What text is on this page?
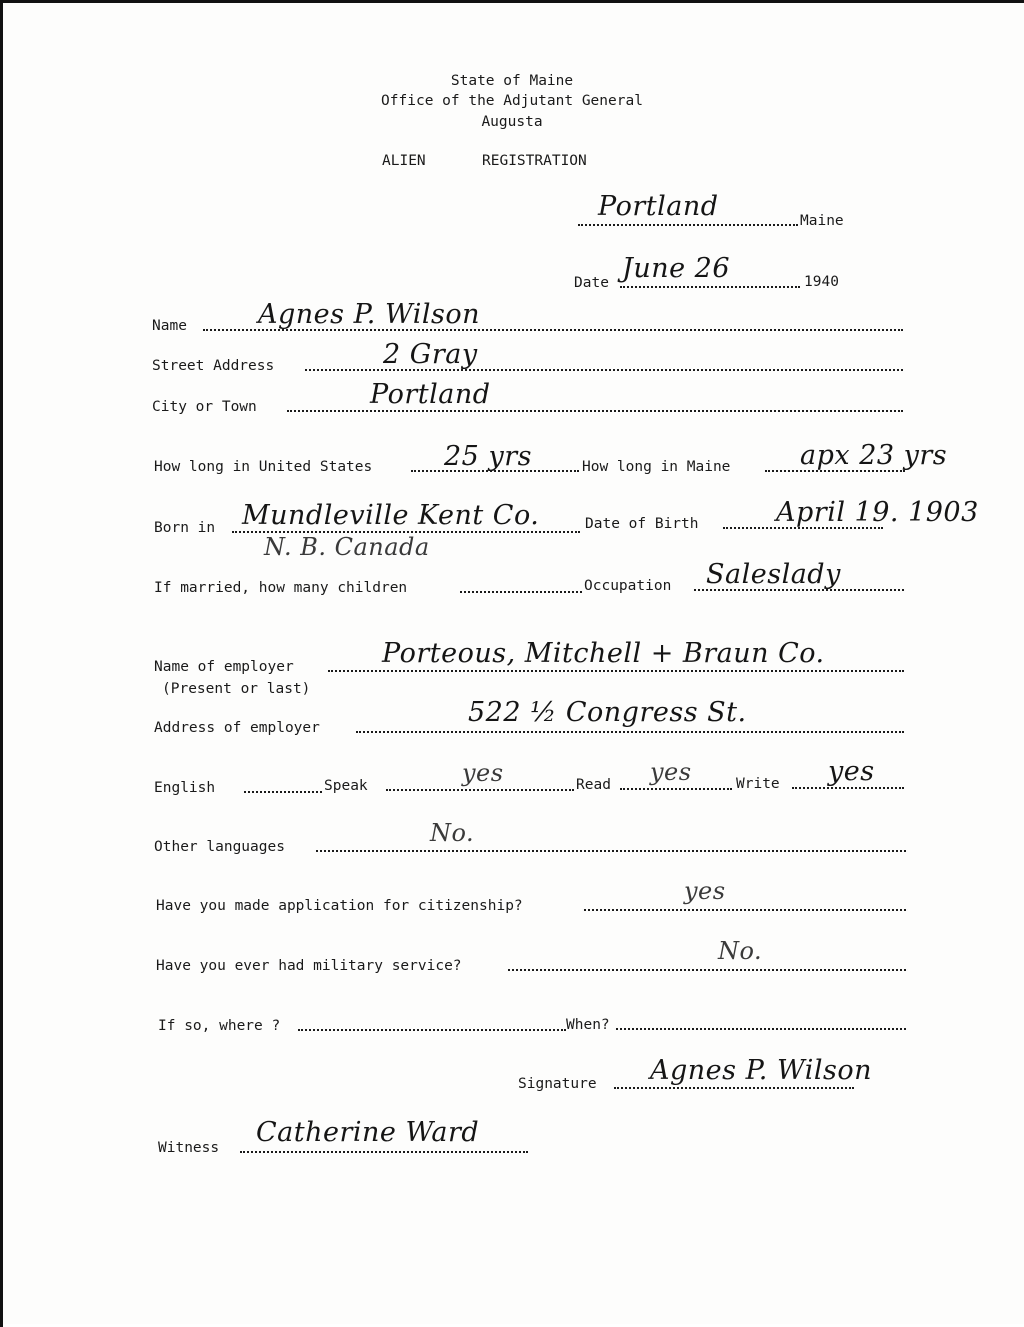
State of Maine
Office of the Adjutant General
Augusta
ALIEN	REGISTRATION
Portland	Maine
Date June 26	1940
Name	Agnes P. Wilson
Street Address	2 Gray
City or Town	Portland
How long in United States	25 yrs	How long in Maine	apx 23 yrs
Born in Mundleville Kent Co.
N. B. Canada
Date of Birth	April 19. 1903
If married, how many children	Occupation Saleslady
Name of employer
(Present or last)
Porteous, Mitchell + Braun Co.
Address of employer	522 ½ Congress St.
English	Speak	yes	Read yes	Write yes
Other languages	No.
Have you made application for citizenship?
yes
Have you ever had military service?
No.
If so, where ?	When?
Signature Agnes P. Wilson
Witness Catherine Ward
